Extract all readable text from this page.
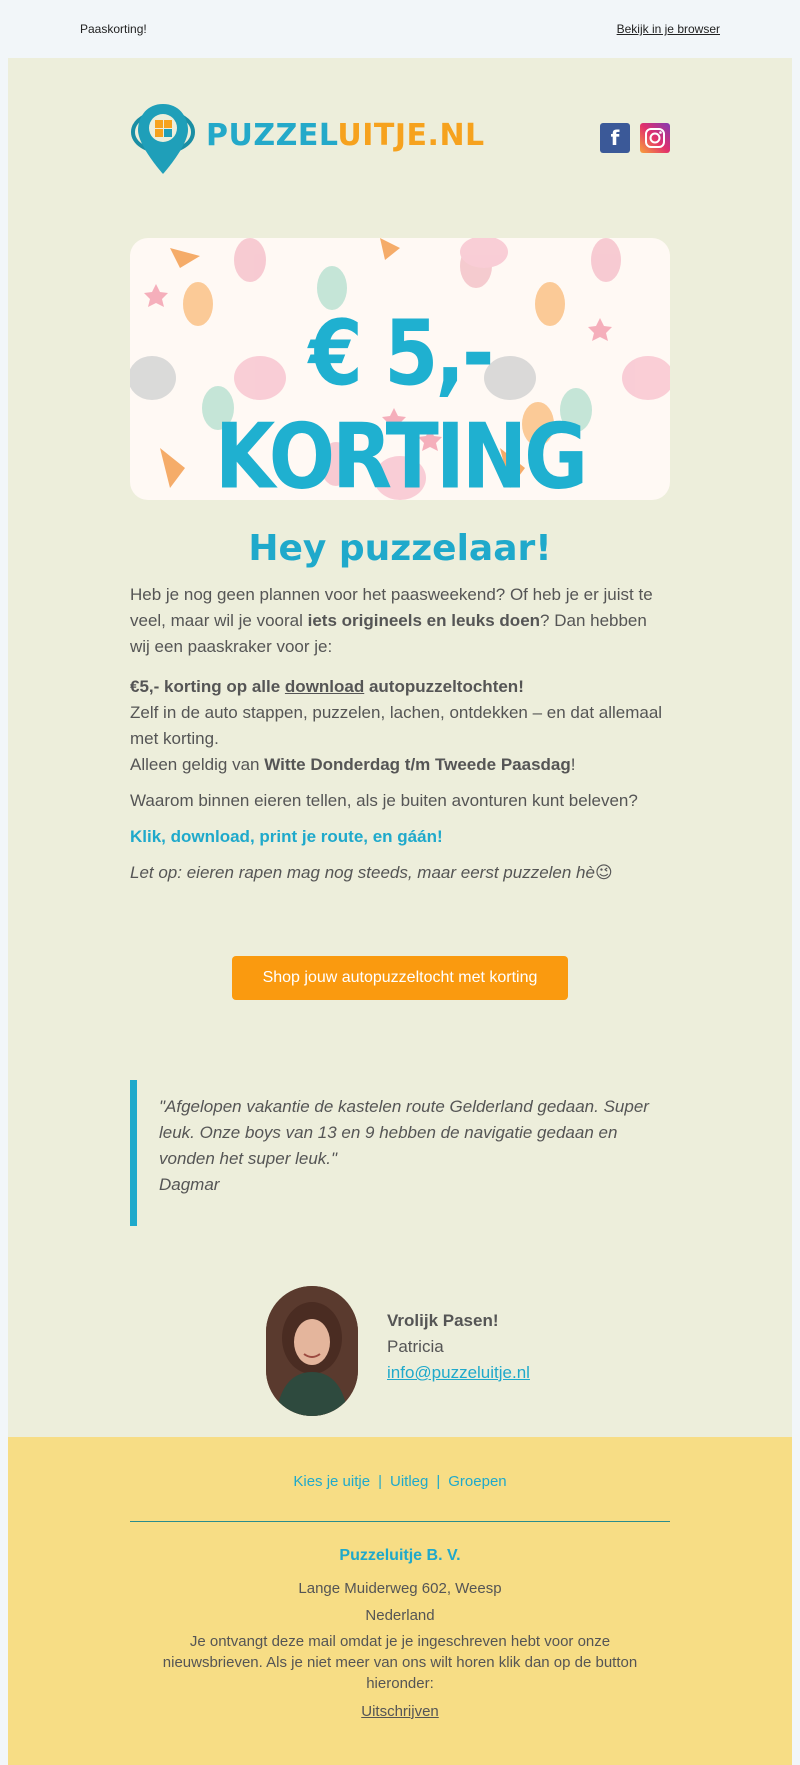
Paaskorting!	Bekijk in je browser
PUZZELUITJE.NL	f
€ 5,- KORTING
Hey puzzelaar!
Heb je nog geen plannen voor het paasweekend? Of heb je er juist te veel, maar wil je vooral iets origineels en leuks doen? Dan hebben wij een paaskraker voor je:
€5,- korting op alle download autopuzzeltochten!
Zelf in de auto stappen, puzzelen, lachen, ontdekken – en dat allemaal met korting.
Alleen geldig van Witte Donderdag t/m Tweede Paasdag!
Waarom binnen eieren tellen, als je buiten avonturen kunt beleven?
Klik, download, print je route, en gáán!
Let op: eieren rapen mag nog steeds, maar eerst puzzelen hè😉
Shop jouw autopuzzeltocht met korting
"Afgelopen vakantie de kastelen route Gelderland gedaan. Super leuk. Onze boys van 13 en 9 hebben de navigatie gedaan en vonden het super leuk."
Dagmar
Vrolijk Pasen!
Patricia
info@puzzeluitje.nl
Kies je uitje | Uitleg | Groepen
Puzzeluitje B. V.
Lange Muiderweg 602, Weesp
Nederland
Je ontvangt deze mail omdat je je ingeschreven hebt voor onze nieuwsbrieven. Als je niet meer van ons wilt horen klik dan op de button hieronder:
Uitschrijven
